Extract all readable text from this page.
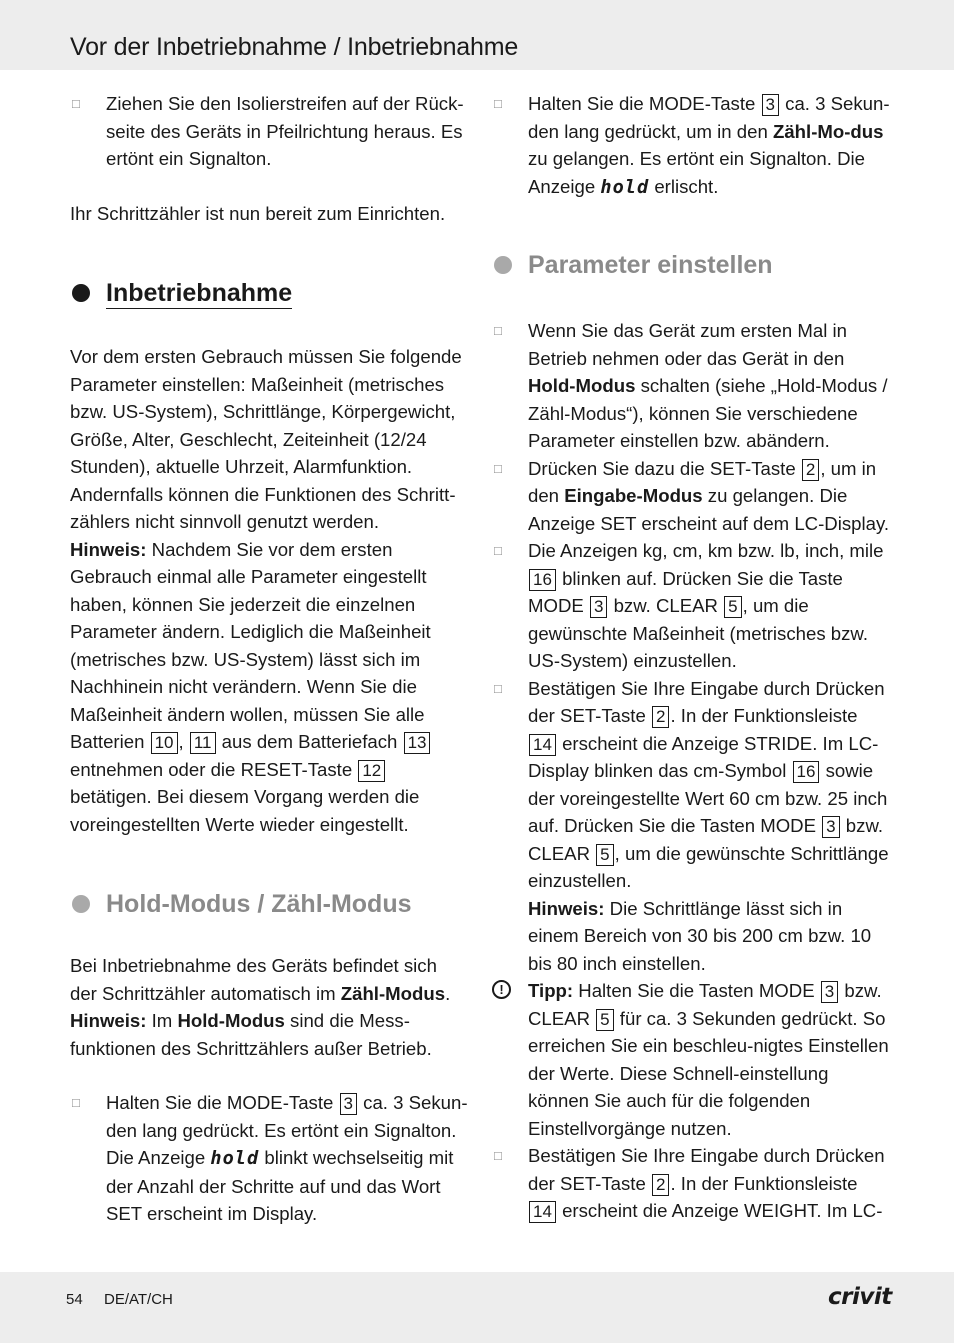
Vor der Inbetriebnahme / Inbetriebnahme
□ Ziehen Sie den Isolierstreifen auf der Rück-seite des Geräts in Pfeilrichtung heraus. Es ertönt ein Signalton.

Ihr Schrittzähler ist nun bereit zum Einrichten.

Inbetriebnahme

Vor dem ersten Gebrauch müssen Sie folgende Parameter einstellen: Maßeinheit (metrisches bzw. US-System), Schrittlänge, Körpergewicht, Größe, Alter, Geschlecht, Zeiteinheit (12/24 Stunden), aktuelle Uhrzeit, Alarmfunktion. Andernfalls können die Funktionen des Schritt-zählers nicht sinnvoll genutzt werden.

Hinweis: Nachdem Sie vor dem ersten Gebrauch einmal alle Parameter eingestellt haben, können Sie jederzeit die einzelnen Parameter ändern. Lediglich die Maßeinheit (metrisches bzw. US-System) lässt sich im Nachhinein nicht verändern. Wenn Sie die Maßeinheit ändern wollen, müssen Sie alle Batterien 10 , 11 aus dem Batteriefach 13 entnehmen oder die RESET-Taste 12 betätigen. Bei diesem Vorgang werden die voreingestellten Werte wieder eingestellt.

Hold-Modus / Zähl-Modus

Bei Inbetriebnahme des Geräts befindet sich der Schrittzähler automatisch im Zähl-Modus.
Hinweis: Im Hold-Modus sind die Mess-funktionen des Schrittzählers außer Betrieb.

□ Halten Sie die MODE-Taste 3 ca. 3 Sekun-den lang gedrückt. Es ertönt ein Signalton. Die Anzeige hold blinkt wechselseitig mit der Anzahl der Schritte auf und das Wort SET erscheint im Display.

□ Halten Sie die MODE-Taste 3 ca. 3 Sekun-den lang gedrückt, um in den Zähl-Mo-dus zu gelangen. Es ertönt ein Signalton. Die Anzeige hold erlischt.

Parameter einstellen
□ Wenn Sie das Gerät zum ersten Mal in Betrieb nehmen oder das Gerät in den Hold-Modus schalten (siehe „Hold-Modus / Zähl-Modus“), können Sie verschiedene Parameter einstellen bzw. abändern.

□ Drücken Sie dazu die SET-Taste 2 , um in den Eingabe-Modus zu gelangen. Die Anzeige SET erscheint auf dem LC-Display.

□ Die Anzeigen kg, cm, km bzw. lb, inch, mile 16 blinken auf. Drücken Sie die Taste MODE 3 bzw. CLEAR 5 , um die gewünschte Maßeinheit (metrisches bzw. US-System) einzustellen.

□ Bestätigen Sie Ihre Eingabe durch Drücken der SET-Taste 2 . In der Funktionsleiste 14 erscheint die Anzeige STRIDE. Im LC-Display blinken das cm-Symbol 16 sowie der voreingestellte Wert 60 cm bzw. 25 inch auf. Drücken Sie die Tasten MODE 3 bzw. CLEAR 5 , um die gewünschte Schrittlänge einzustellen.
Hinweis: Die Schrittlänge lässt sich in einem Bereich von 30 bis 200 cm bzw. 10 bis 80 inch einstellen.

!	Tipp: Halten Sie die Tasten MODE 3 bzw. CLEAR 5 für ca. 3 Sekunden gedrückt. So erreichen Sie ein beschleu-nigtes Einstellen der Werte. Diese Schnell-einstellung können Sie auch für die folgenden Einstellvorgänge nutzen.

□ Bestätigen Sie Ihre Eingabe durch Drücken der SET-Taste 2 . In der Funktionsleiste 14 erscheint die Anzeige WEIGHT. Im LC-

54 DE/AT/CH	crivit
